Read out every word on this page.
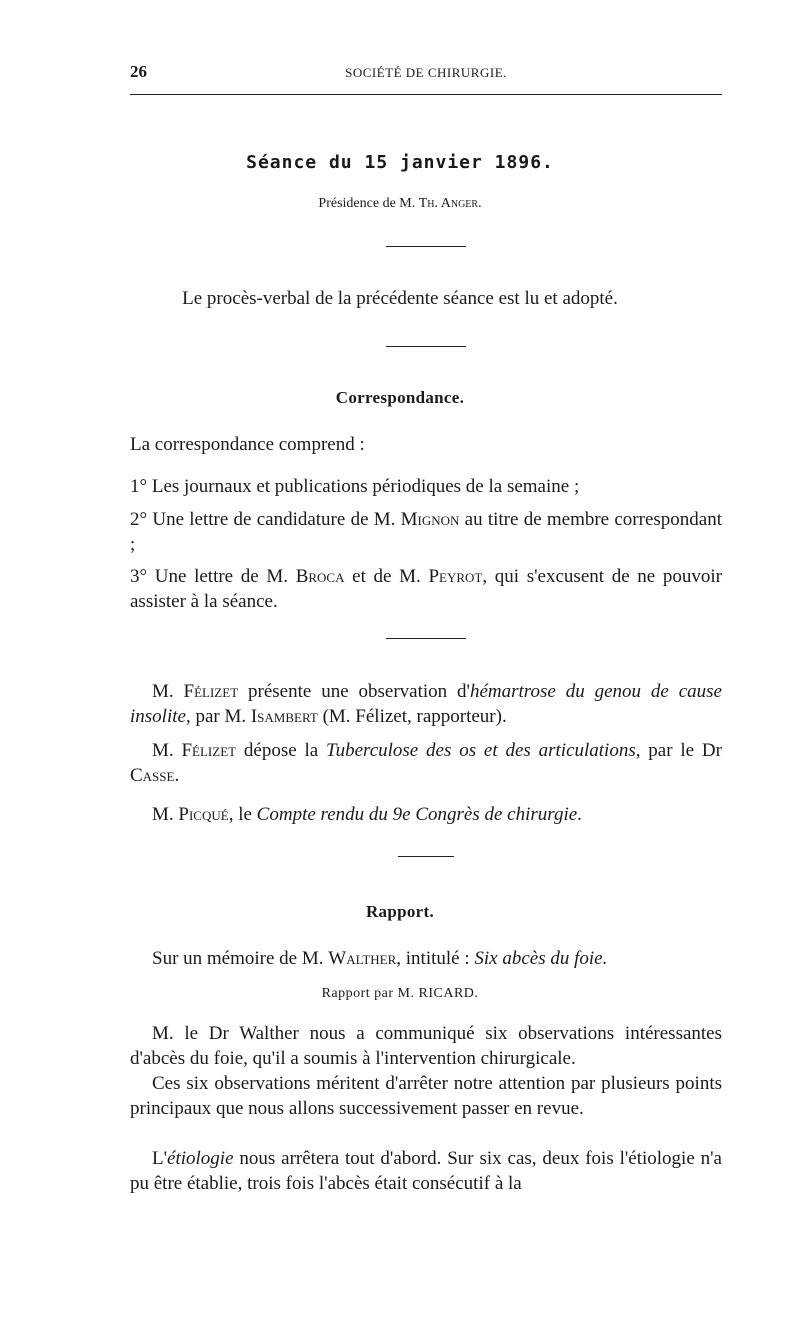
26	SOCIÉTÉ DE CHIRURGIE.
Séance du 15 janvier 1896.
Présidence de M. Th. Anger.
Le procès-verbal de la précédente séance est lu et adopté.
Correspondance.
La correspondance comprend :
1° Les journaux et publications périodiques de la semaine ;
2° Une lettre de candidature de M. Mignon au titre de membre correspondant ;
3° Une lettre de M. Broca et de M. Peyrot, qui s'excusent de ne pouvoir assister à la séance.
M. Félizet présente une observation d'hémartrose du genou de cause insolite, par M. Isambert (M. Félizet, rapporteur).
M. Félizet dépose la Tuberculose des os et des articulations, par le Dr Casse.
M. Picqué, le Compte rendu du 9e Congrès de chirurgie.
Rapport.
Sur un mémoire de M. Walther, intitulé : Six abcès du foie.
Rapport par M. RICARD.
M. le Dr Walther nous a communiqué six observations intéressantes d'abcès du foie, qu'il a soumis à l'intervention chirurgicale.
Ces six observations méritent d'arrêter notre attention par plusieurs points principaux que nous allons successivement passer en revue.
L'étiologie nous arrêtera tout d'abord. Sur six cas, deux fois l'étiologie n'a pu être établie, trois fois l'abcès était consécutif à la
